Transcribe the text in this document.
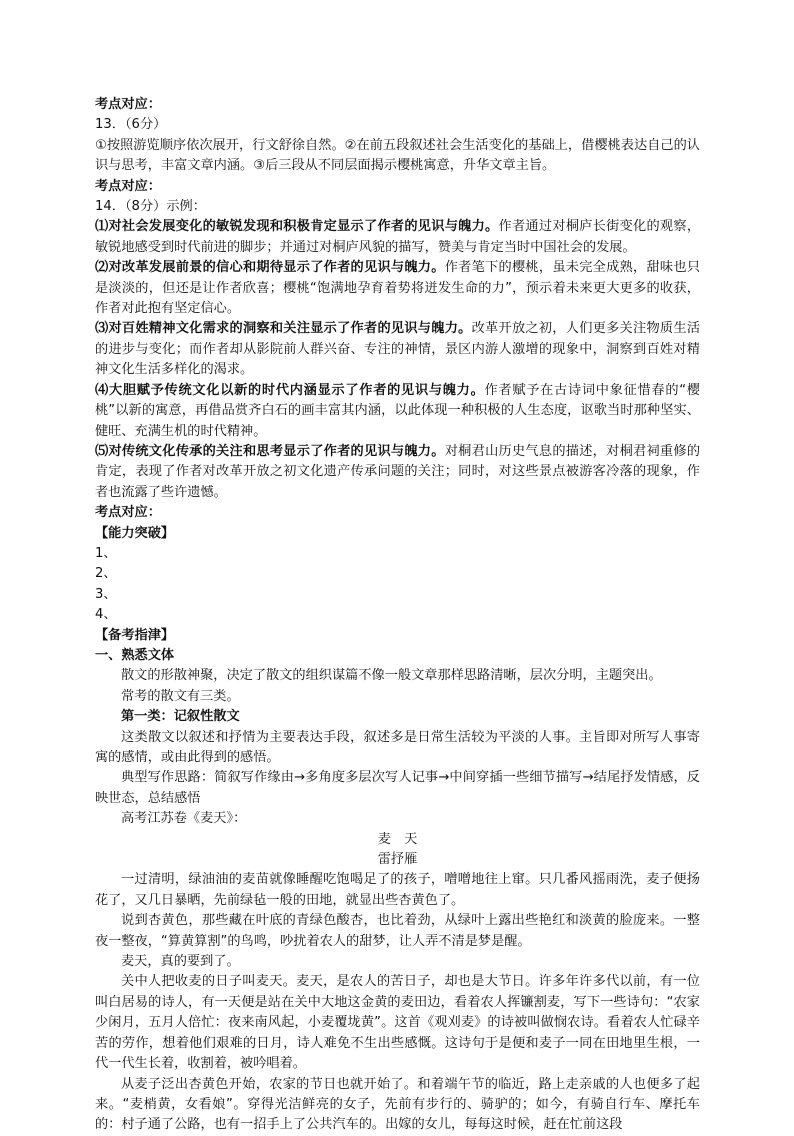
考点对应：
13．（6分）
①按照游览顺序依次展开，行文舒徐自然。②在前五段叙述社会生活变化的基础上，借樱桃表达自己的认识与思考，丰富文章内涵。③后三段从不同层面揭示樱桃寓意，升华文章主旨。
考点对应：
14．（8分）示例：
⑴对社会发展变化的敏锐发现和积极肯定显示了作者的见识与魄力。作者通过对桐庐长街变化的观察，敏锐地感受到时代前进的脚步；并通过对桐庐风貌的描写，赞美与肯定当时中国社会的发展。
⑵对改革发展前景的信心和期待显示了作者的见识与魄力。作者笔下的樱桃，虽未完全成熟，甜味也只是淡淡的，但还是让作者欣喜；樱桃“饱满地孕育着势将迸发生命的力”，预示着未来更大更多的收获，作者对此抱有坚定信心。
⑶对百姓精神文化需求的洞察和关注显示了作者的见识与魄力。改革开放之初，人们更多关注物质生活的进步与变化；而作者却从影院前人群兴奋、专注的神情，景区内游人激增的现象中，洞察到百姓对精神文化生活多样化的渴求。
⑷大胆赋予传统文化以新的时代内涵显示了作者的见识与魄力。作者赋予在古诗词中象征惜春的“樱桃”以新的寓意，再借品赏齐白石的画丰富其内涵，以此体现一种积极的人生态度，讴歌当时那种坚实、健旺、充满生机的时代精神。
⑸对传统文化传承的关注和思考显示了作者的见识与魄力。对桐君山历史气息的描述，对桐君祠重修的肯定，表现了作者对改革开放之初文化遗产传承问题的关注；同时，对这些景点被游客冷落的现象，作者也流露了些许遗憾。
考点对应：
【能力突破】
1、
2、
3、
4、
【备考指津】
一、熟悉文体
散文的形散神聚，决定了散文的组织谋篇不像一般文章那样思路清晰，层次分明，主题突出。
常考的散文有三类。
第一类：记叙性散文
这类散文以叙述和抒情为主要表达手段，叙述多是日常生活较为平淡的人事。主旨即对所写人事寄寓的感情，或由此得到的感悟。
典型写作思路：简叙写作缘由→多角度多层次写人记事→中间穿插一些细节描写→结尾抒发情感，反映世态，总结感悟
高考江苏卷《麦天》：
麦　天
雷抒雁
一过清明，绿油油的麦苗就像睡醒吃饱喝足了的孩子，噌噌地往上窜。只几番风摇雨洗，麦子便扬花了，又几日暴晒，先前绿毡一般的田地，就显出些杏黄色了。
说到杏黄色，那些藏在叶底的青绿色酸杏，也比着劲，从绿叶上露出些艳红和淡黄的脸庞来。一整夜一整夜，“算黄算割”的鸟鸣，吵扰着农人的甜梦，让人弄不清是梦是醒。
麦天，真的要到了。
关中人把收麦的日子叫麦天。麦天，是农人的苦日子，却也是大节日。许多年许多代以前，有一位叫白居易的诗人，有一天便是站在关中大地这金黄的麦田边，看着农人挥镰割麦，写下一些诗句：“农家少闲月，五月人倍忙：夜来南风起，小麦覆垅黄”。这首《观刈麦》的诗被叫做悯农诗。看着农人忙碌辛苦的劳作，想着他们艰难的日月，诗人难免不生出些感慨。这诗句于是便和麦子一同在田地里生根，一代一代生长着，收割着，被吟唱着。
从麦子泛出杏黄色开始，农家的节日也就开始了。和着端午节的临近，路上走亲戚的人也便多了起来。“麦梢黄，女看娘”。穿得光洁鲜亮的女子，先前有步行的、骑驴的；如今，有骑自行车、摩托车的：村子通了公路，也有一招手上了公共汽车的。出嫁的女儿，每每这时候，赶在忙前这段
